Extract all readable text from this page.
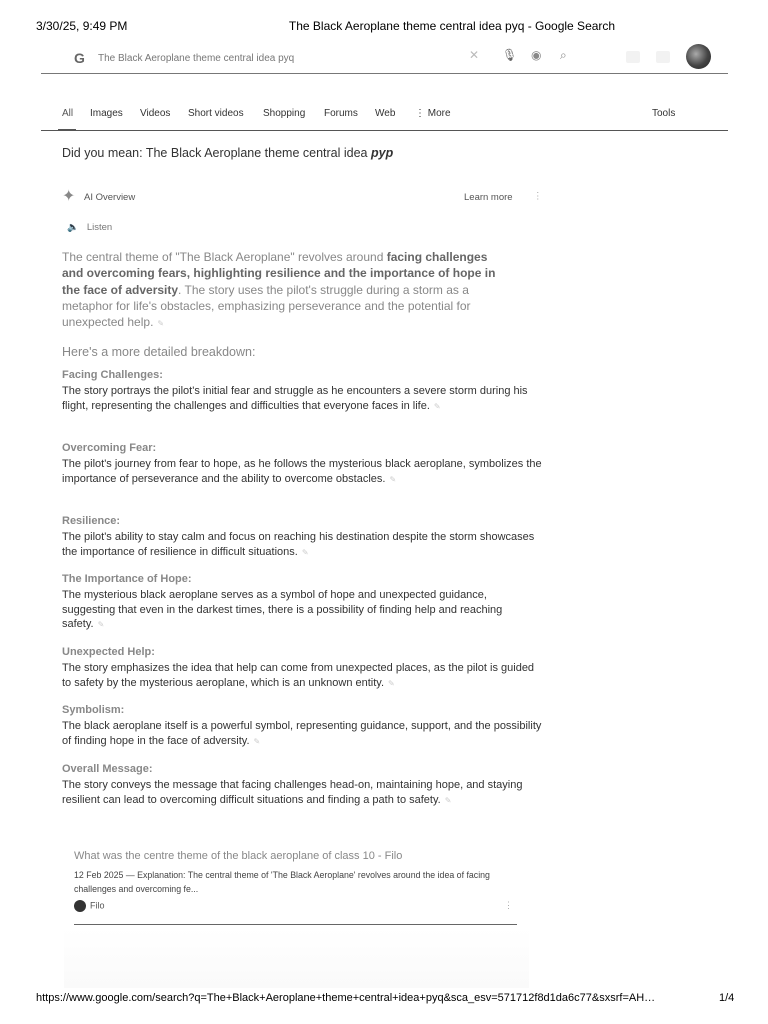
3/30/25, 9:49 PM	The Black Aeroplane theme central idea pyq - Google Search
G
The Black Aeroplane theme central idea pyq	✕ 🎙 ◉ ⌕
All Images Videos Short videos Shopping Forums Web ⋮ More	Tools
Did you mean: The Black Aeroplane theme central idea pyp
✦ AI Overview	Learn more ⋮
🔈 Listen
The central theme of "The Black Aeroplane" revolves around facing challenges and overcoming fears, highlighting resilience and the importance of hope in the face of adversity. The story uses the pilot's struggle during a storm as a metaphor for life's obstacles, emphasizing perseverance and the potential for unexpected help. ✎
Here's a more detailed breakdown:
Facing Challenges:

The story portrays the pilot's initial fear and struggle as he encounters a severe storm during his flight, representing the challenges and difficulties that everyone faces in life. ✎

Overcoming Fear:

The pilot's journey from fear to hope, as he follows the mysterious black aeroplane, symbolizes the importance of perseverance and the ability to overcome obstacles. ✎

Resilience:

The pilot's ability to stay calm and focus on reaching his destination despite the storm showcases the importance of resilience in difficult situations. ✎

The Importance of Hope:

The mysterious black aeroplane serves as a symbol of hope and unexpected guidance, suggesting that even in the darkest times, there is a possibility of finding help and reaching safety. ✎

Unexpected Help:

The story emphasizes the idea that help can come from unexpected places, as the pilot is guided to safety by the mysterious aeroplane, which is an unknown entity. ✎

Symbolism:

The black aeroplane itself is a powerful symbol, representing guidance, support, and the possibility of finding hope in the face of adversity. ✎

Overall Message:

The story conveys the message that facing challenges head-on, maintaining hope, and staying resilient can lead to overcoming difficult situations and finding a path to safety. ✎

What was the centre theme of the black aeroplane of class 10 - Filo
12 Feb 2025 — Explanation: The central theme of 'The Black Aeroplane' revolves around the idea of facing challenges and overcoming fe...
Filo	⋮
https://www.google.com/search?q=The+Black+Aeroplane+theme+central+idea+pyq&sca_esv=571712f8d1da6c77&sxsrf=AH…	1/4
